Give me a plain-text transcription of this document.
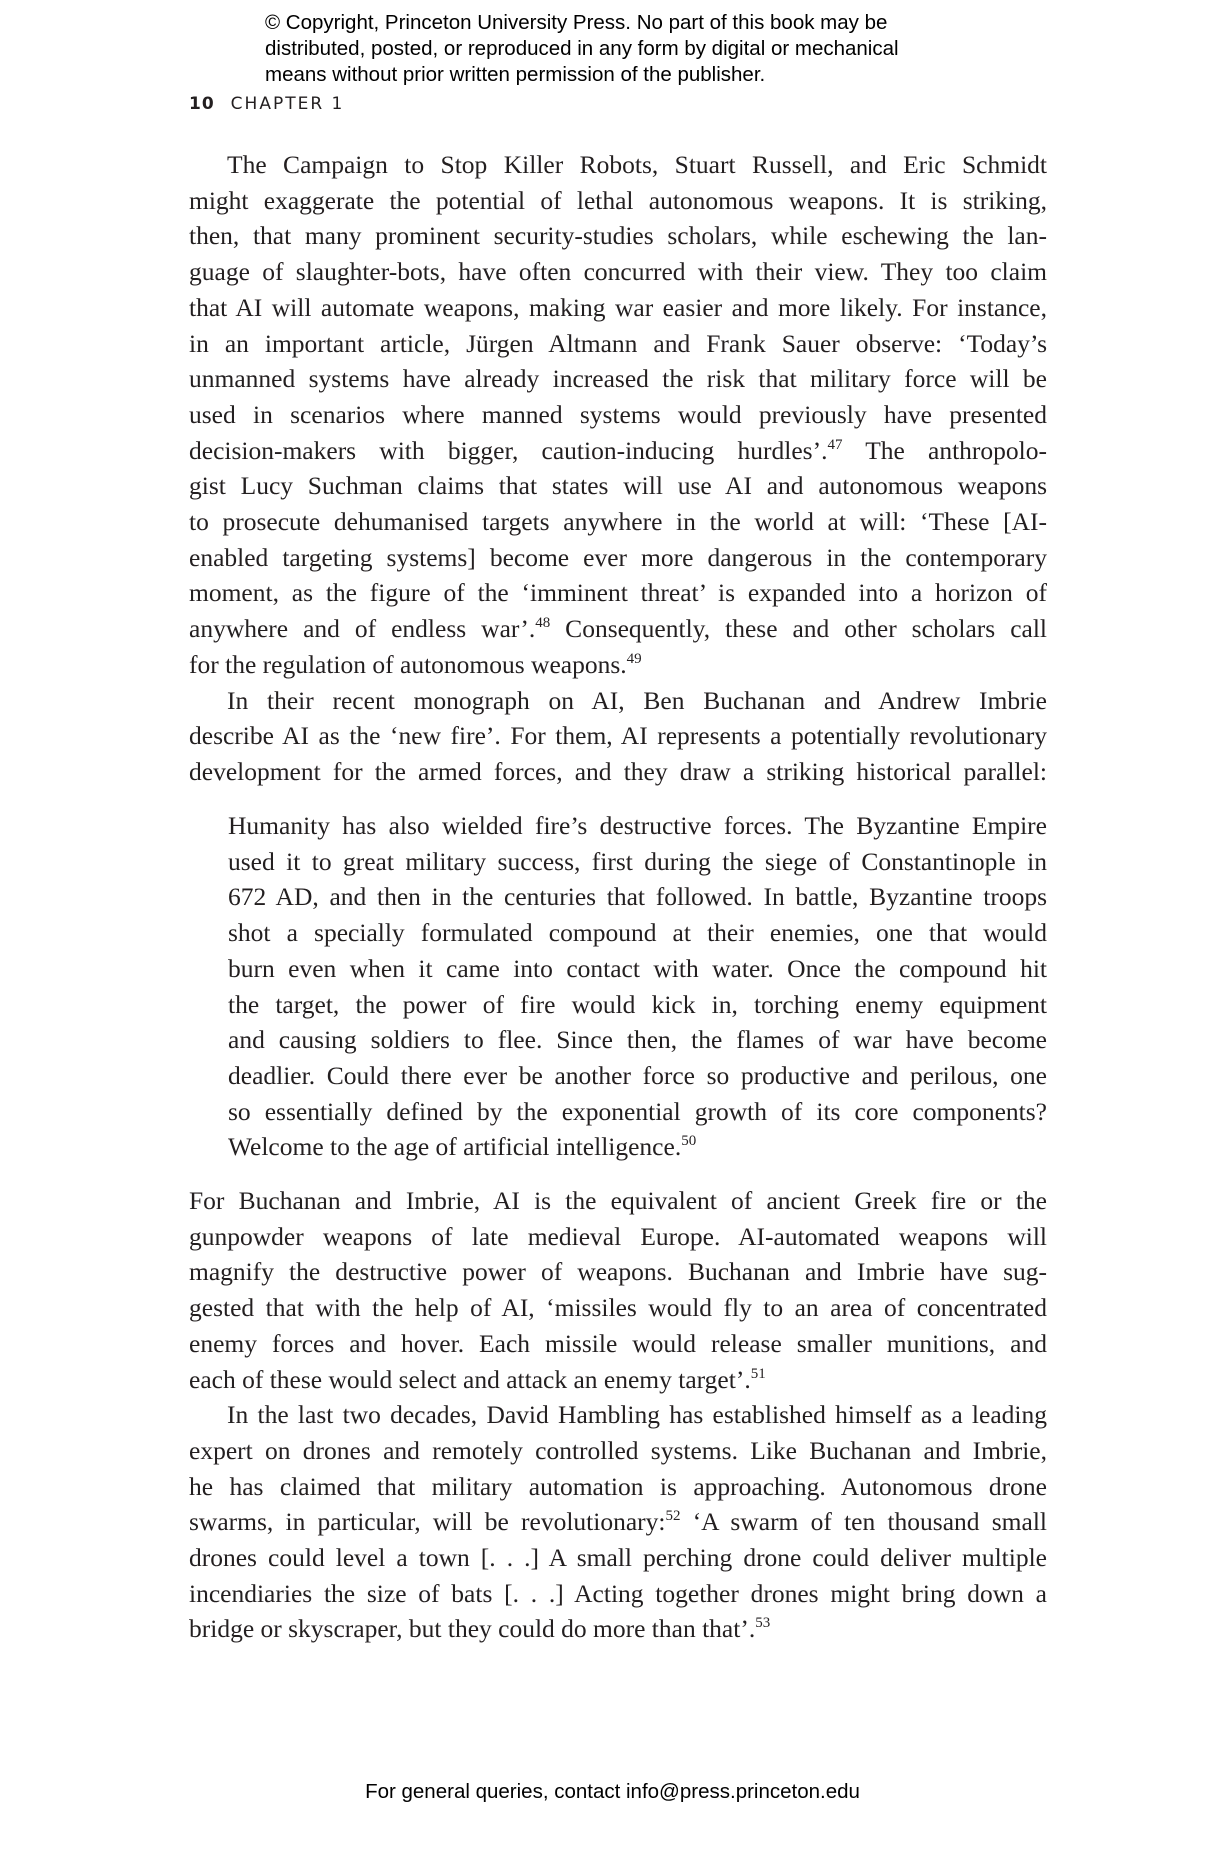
© Copyright, Princeton University Press. No part of this book may be
distributed, posted, or reproduced in any form by digital or mechanical
means without prior written permission of the publisher.
10 CHAPTER 1
The Campaign to Stop Killer Robots, Stuart Russell, and Eric Schmidt
might exaggerate the potential of lethal autonomous weapons. It is striking,
then, that many prominent security-studies scholars, while eschewing the lan-
guage of slaughter-bots, have often concurred with their view. They too claim
that AI will automate weapons, making war easier and more likely. For instance,
in an important article, Jürgen Altmann and Frank Sauer observe: ‘Today’s
unmanned systems have already increased the risk that military force will be
used in scenarios where manned systems would previously have presented
decision-makers with bigger, caution-inducing hurdles’.$^{47}$ The anthropolo-
gist Lucy Suchman claims that states will use AI and autonomous weapons
to prosecute dehumanised targets anywhere in the world at will: ‘These [AI-
enabled targeting systems] become ever more dangerous in the contemporary
moment, as the figure of the ‘imminent threat’ is expanded into a horizon of
anywhere and of endless war’.$^{48}$ Consequently, these and other scholars call
for the regulation of autonomous weapons.$^{49}$
In their recent monograph on AI, Ben Buchanan and Andrew Imbrie
describe AI as the ‘new fire’. For them, AI represents a potentially revolutionary
development for the armed forces, and they draw a striking historical parallel:
Humanity has also wielded fire’s destructive forces. The Byzantine Empire
used it to great military success, first during the siege of Constantinople in
672 AD, and then in the centuries that followed. In battle, Byzantine troops
shot a specially formulated compound at their enemies, one that would
burn even when it came into contact with water. Once the compound hit
the target, the power of fire would kick in, torching enemy equipment
and causing soldiers to flee. Since then, the flames of war have become
deadlier. Could there ever be another force so productive and perilous, one
so essentially defined by the exponential growth of its core components?
Welcome to the age of artificial intelligence.$^{50}$
For Buchanan and Imbrie, AI is the equivalent of ancient Greek fire or the
gunpowder weapons of late medieval Europe. AI-automated weapons will
magnify the destructive power of weapons. Buchanan and Imbrie have sug-
gested that with the help of AI, ‘missiles would fly to an area of concentrated
enemy forces and hover. Each missile would release smaller munitions, and
each of these would select and attack an enemy target’.$^{51}$
In the last two decades, David Hambling has established himself as a leading
expert on drones and remotely controlled systems. Like Buchanan and Imbrie,
he has claimed that military automation is approaching. Autonomous drone
swarms, in particular, will be revolutionary:$^{52}$ ‘A swarm of ten thousand small
drones could level a town [. . .] A small perching drone could deliver multiple
incendiaries the size of bats [. . .] Acting together drones might bring down a
bridge or skyscraper, but they could do more than that’.$^{53}$
For general queries, contact info@press.princeton.edu
